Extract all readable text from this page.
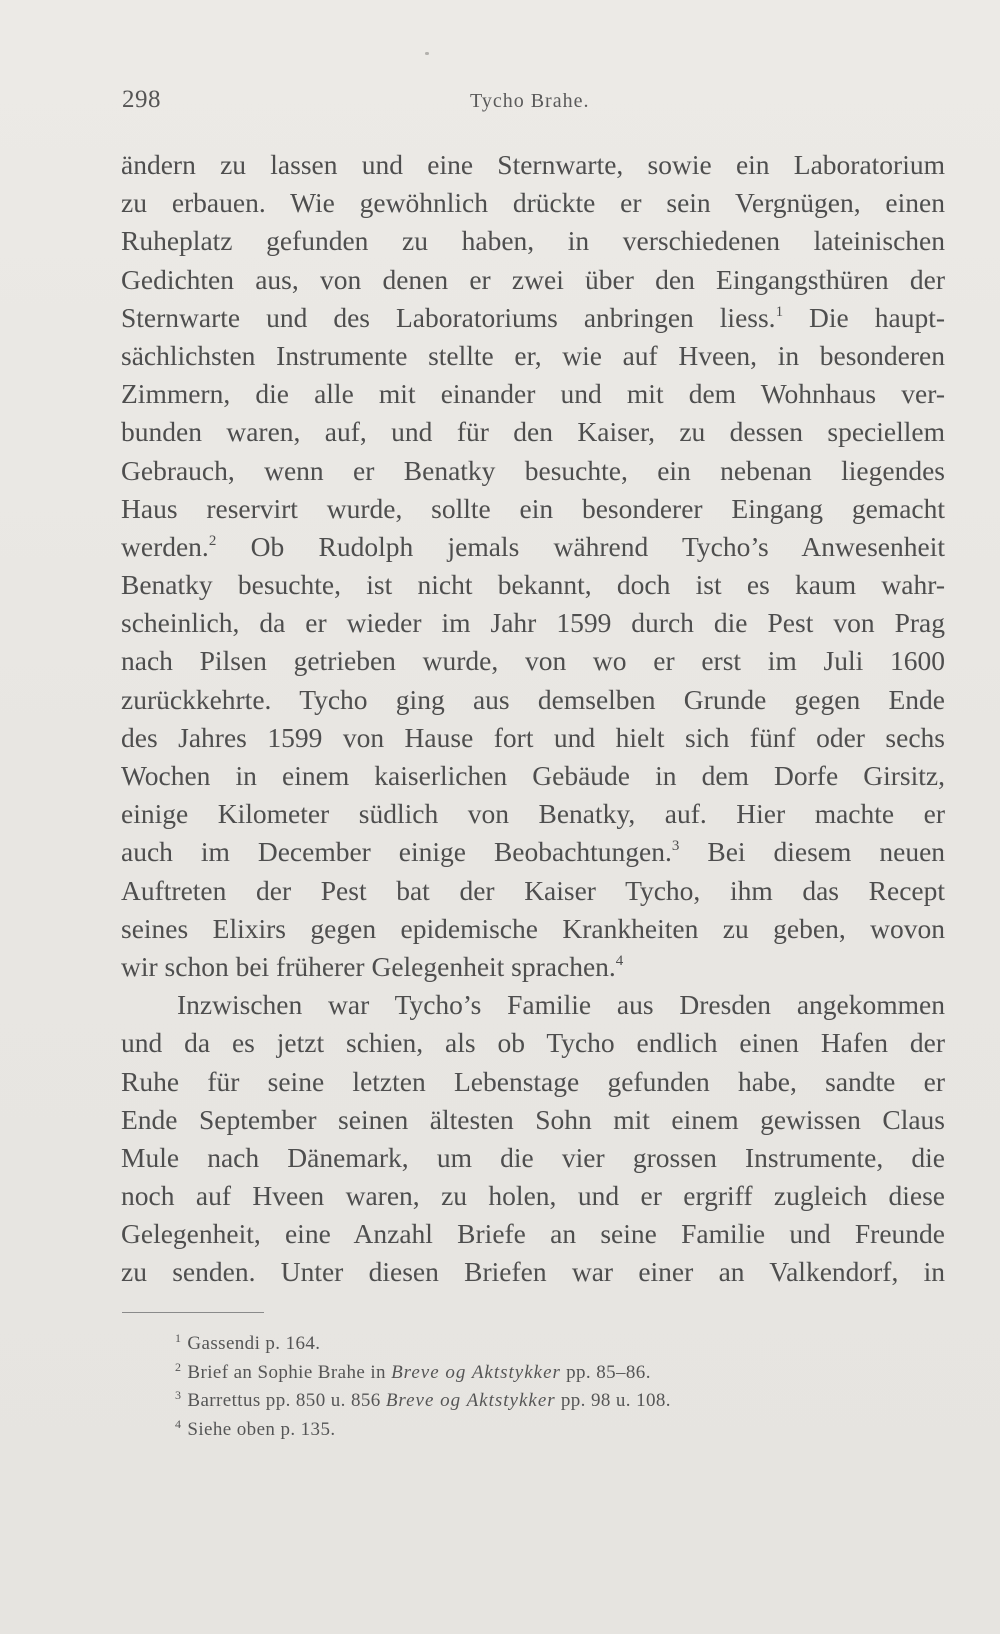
298	Tycho Brahe.
ändern zu lassen und eine Sternwarte, sowie ein Laboratorium
zu erbauen. Wie gewöhnlich drückte er sein Vergnügen, einen
Ruheplatz gefunden zu haben, in verschiedenen lateinischen
Gedichten aus, von denen er zwei über den Eingangsthüren der
Sternwarte und des Laboratoriums anbringen liess.$^1$ Die haupt-
sächlichsten Instrumente stellte er, wie auf Hveen, in besonderen
Zimmern, die alle mit einander und mit dem Wohnhaus ver-
bunden waren, auf, und für den Kaiser, zu dessen speciellem
Gebrauch, wenn er Benatky besuchte, ein nebenan liegendes
Haus reservirt wurde, sollte ein besonderer Eingang gemacht
werden.$^2$ Ob Rudolph jemals während Tycho’s Anwesenheit
Benatky besuchte, ist nicht bekannt, doch ist es kaum wahr-
scheinlich, da er wieder im Jahr 1599 durch die Pest von Prag
nach Pilsen getrieben wurde, von wo er erst im Juli 1600
zurückkehrte. Tycho ging aus demselben Grunde gegen Ende
des Jahres 1599 von Hause fort und hielt sich fünf oder sechs
Wochen in einem kaiserlichen Gebäude in dem Dorfe Girsitz,
einige Kilometer südlich von Benatky, auf. Hier machte er
auch im December einige Beobachtungen.$^3$ Bei diesem neuen
Auftreten der Pest bat der Kaiser Tycho, ihm das Recept
seines Elixirs gegen epidemische Krankheiten zu geben, wovon
wir schon bei früherer Gelegenheit sprachen.$^4$
Inzwischen war Tycho’s Familie aus Dresden angekommen
und da es jetzt schien, als ob Tycho endlich einen Hafen der
Ruhe für seine letzten Lebenstage gefunden habe, sandte er
Ende September seinen ältesten Sohn mit einem gewissen Claus
Mule nach Dänemark, um die vier grossen Instrumente, die
noch auf Hveen waren, zu holen, und er ergriff zugleich diese
Gelegenheit, eine Anzahl Briefe an seine Familie und Freunde
zu senden. Unter diesen Briefen war einer an Valkendorf, in
$^1$ Gassendi p. 164.
$^2$ Brief an Sophie Brahe in Breve og Aktstykker pp. 85–86.
$^3$ Barrettus pp. 850 u. 856 Breve og Aktstykker pp. 98 u. 108.
$^4$ Siehe oben p. 135.
